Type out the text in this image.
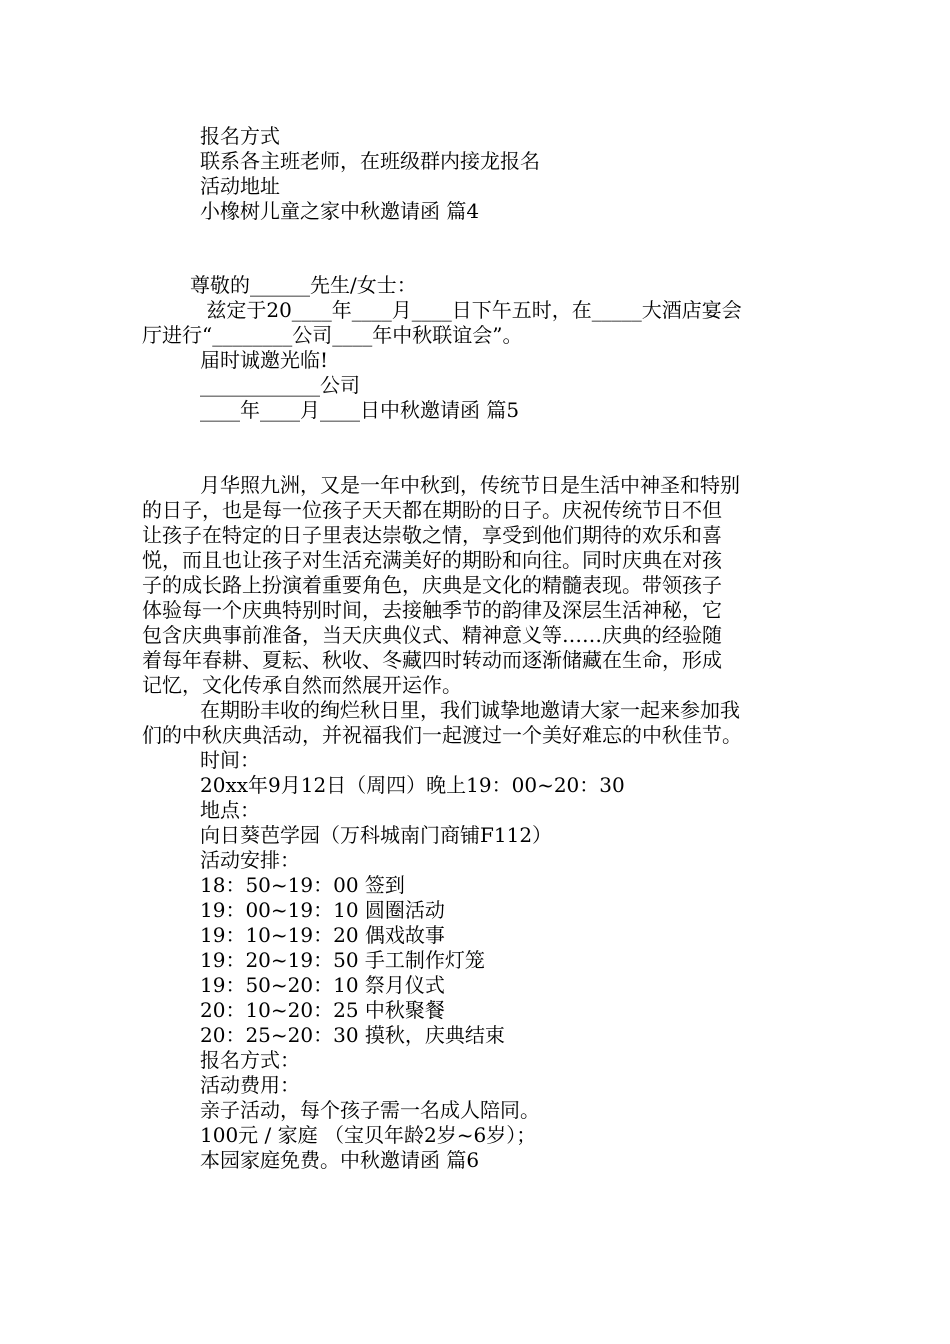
报名方式
联系各主班老师，在班级群内接龙报名
活动地址
小橡树儿童之家中秋邀请函 篇4
尊敬的______先生/女士：
兹定于20____年____月____日下午五时，在_____大酒店宴会
厅进行“________公司____年中秋联谊会”。
届时诚邀光临!
____________公司
____年____月____日中秋邀请函 篇5
月华照九洲，又是一年中秋到，传统节日是生活中神圣和特别
的日子，也是每一位孩子天天都在期盼的日子。庆祝传统节日不但
让孩子在特定的日子里表达崇敬之情，享受到他们期待的欢乐和喜
悦，而且也让孩子对生活充满美好的期盼和向往。同时庆典在对孩
子的成长路上扮演着重要角色，庆典是文化的精髓表现。带领孩子
体验每一个庆典特别时间，去接触季节的韵律及深层生活神秘，它
包含庆典事前准备，当天庆典仪式、精神意义等……庆典的经验随
着每年春耕、夏耘、秋收、冬藏四时转动而逐渐储藏在生命，形成
记忆，文化传承自然而然展开运作。
在期盼丰收的绚烂秋日里，我们诚挚地邀请大家一起来参加我
们的中秋庆典活动，并祝福我们一起渡过一个美好难忘的中秋佳节。
时间：
20xx年9月12日（周四）晚上19：00~20：30
地点：
向日葵芭学园（万科城南门商铺F112）
活动安排：
18：50~19：00 签到
19：00~19：10 圆圈活动
19：10~19：20 偶戏故事
19：20~19：50 手工制作灯笼
19：50~20：10 祭月仪式
20：10~20：25 中秋聚餐
20：25~20：30 摸秋，庆典结束
报名方式：
活动费用：
亲子活动，每个孩子需一名成人陪同。
100元 / 家庭 （宝贝年龄2岁~6岁）；
本园家庭免费。中秋邀请函 篇6
